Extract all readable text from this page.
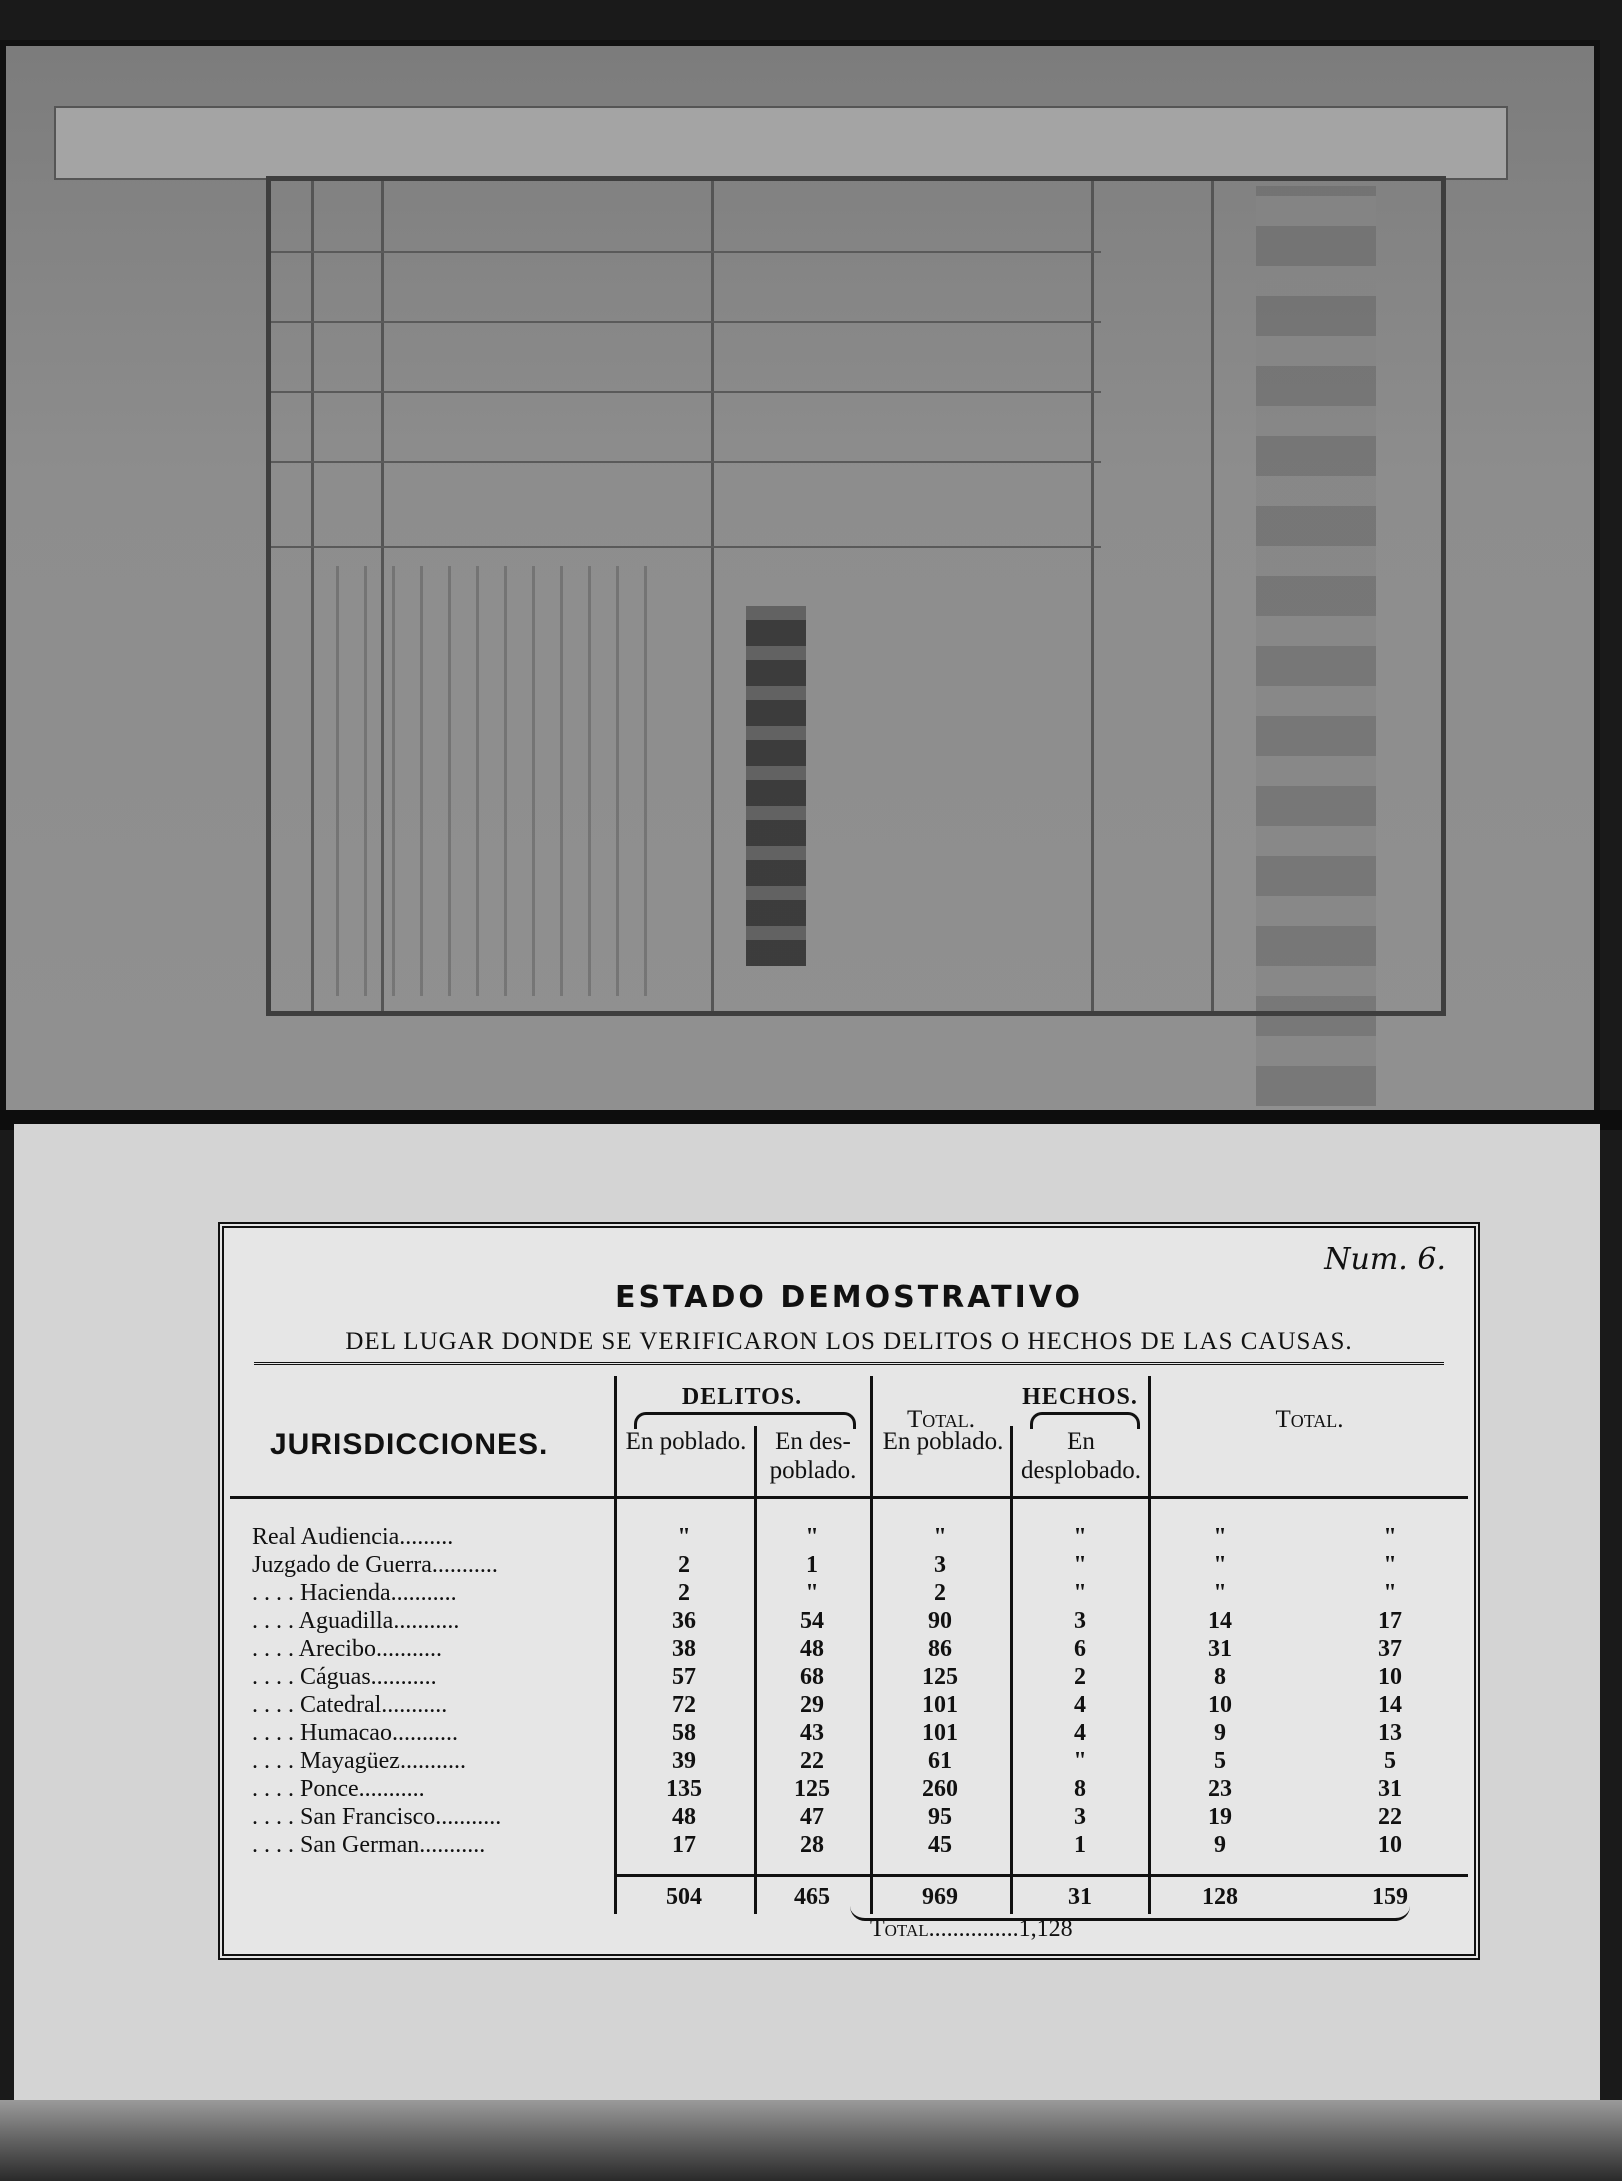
Num. 6.
ESTADO DEMOSTRATIVO
DEL LUGAR DONDE SE VERIFICARON LOS DELITOS O HECHOS DE LAS CAUSAS.
JURISDICCIONES.
DELITOS.
En poblado.	En des- poblado.
Total.
HECHOS.
En poblado.	En desplobado.
Total.
Real Audiencia.........	"	"	"	"	"	"
Juzgado de Guerra...........	2	1	3	"	"	"
. . . . Hacienda...........	2	"	2	"	"	"
. . . . Aguadilla...........	36	54	90	3	14	17
. . . . Arecibo...........	38	48	86	6	31	37
. . . . Cáguas...........	57	68	125	2	8	10
. . . . Catedral...........	72	29	101	4	10	14
. . . . Humacao...........	58	43	101	4	9	13
. . . . Mayagüez...........	39	22	61	"	5	5
. . . . Ponce...........	135	125	260	8	23	31
. . . . San Francisco...........	48	47	95	3	19	22
. . . . San German...........	17	28	45	1	9	10
504	465	969	31	128	159
Total...............1,128
